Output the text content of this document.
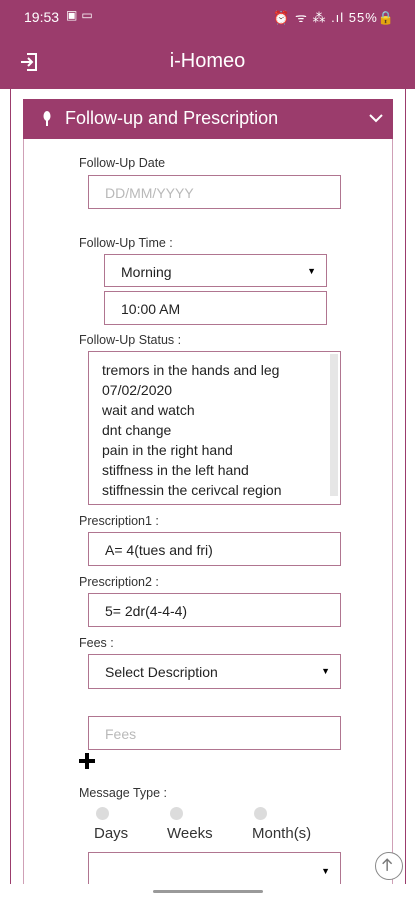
19:53 ▣▭	⏰ ᯤ ⁂ .ıl 55%🔒
i-Homeo
Follow-up and Prescription
Follow-Up Date
DD/MM/YYYY
Follow-Up Time :
Morning	▼
10:00 AM
Follow-Up Status :
tremors in the hands and leg
07/02/2020
wait and watch
dnt change
pain in the right hand
stiffness in the left hand
stiffnessin the cerivcal region
Prescription1 :
A= 4(tues and fri)
Prescription2 :
5= 2dr(4-4-4)
Fees :
Select Description	▼
Fees
Message Type :
Days	Weeks	Month(s)
▼
